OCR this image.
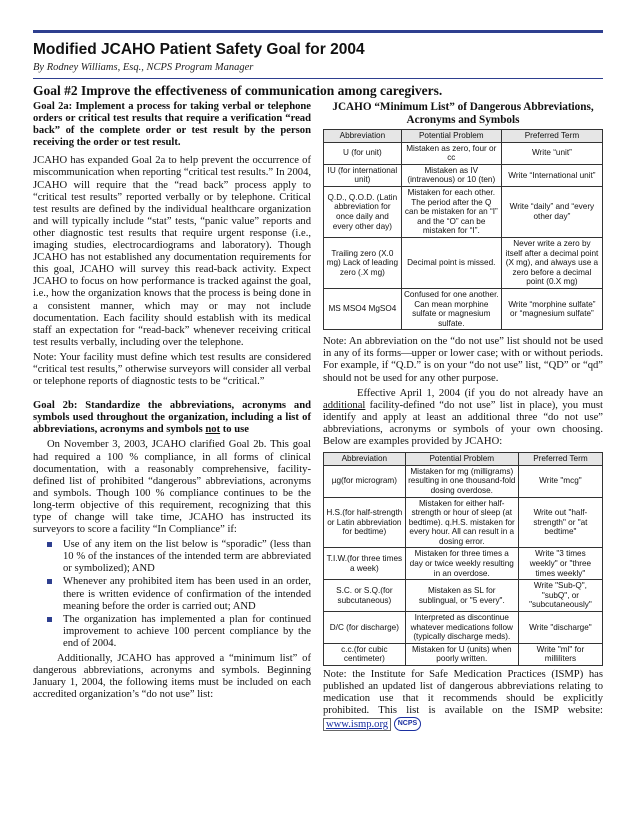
Modified JCAHO Patient Safety Goal for 2004
By Rodney Williams, Esq., NCPS Program Manager
Goal #2 Improve the effectiveness of communication among caregivers.

Goal 2a: Implement a process for taking verbal or telephone orders or critical test results that require a verification “read back” of the complete order or test result by the person receiving the order or test result.

JCAHO has expanded Goal 2a to help prevent the occurrence of miscommunication when reporting “critical test results.” In 2004, JCAHO will require that the “read back” process apply to “critical test results” reported verbally or by telephone. Critical test results are defined by the individual healthcare organization and will typically include “stat” tests, “panic value” reports and other diagnostic test results that require urgent response (i.e., imaging studies, electrocardiograms and laboratory). Though JCAHO has not established any documentation requirements for this goal, JCAHO will survey this read-back activity. Expect JCAHO to focus on how performance is tracked against the goal, i.e., how the organization knows that the process is being done in a consistent manner, which may or may not include documentation. Each facility should establish with its medical staff an expectation for “read-back” whenever receiving critical test results verbally, including over the telephone.

Note: Your facility must define which test results are considered “critical test results,” otherwise surveyors will consider all verbal or telephone reports of diagnostic tests to be “critical.”

Goal 2b: Standardize the abbreviations, acronyms and symbols used throughout the organization, including a list of abbreviations, acronyms and symbols not to use

On November 3, 2003, JCAHO clarified Goal 2b. This goal had required a 100 % compliance, in all forms of clinical documentation, with a reasonably comprehensive, facility-defined list of prohibited “dangerous” abbreviations, acronyms and symbols. Though 100 % compliance continues to be the long-term objective of this requirement, recognizing that this type of change will take time, JCAHO has instructed its surveyors to score a facility “In Compliance” if:

Use of any item on the list below is “sporadic” (less than 10 % of the instances of the intended term are abbreviated or symbolized); AND
Whenever any prohibited item has been used in an order, there is written evidence of confirmation of the intended meaning before the order is carried out; AND
The organization has implemented a plan for continued improvement to achieve 100 percent compliance by the end of 2004.

Additionally, JCAHO has approved a “minimum list” of dangerous abbreviations, acronyms and symbols. Beginning January 1, 2004, the following items must be included on each accredited organization’s “do not use” list:

JCAHO “Minimum List” of Dangerous Abbreviations, Acronyms and Symbols
Abbreviation	Potential Problem	Preferred Term
U (for unit)	Mistaken as zero, four or cc	Write “unit”
IU (for international unit)	Mistaken as IV (intravenous) or 10 (ten)	Write “International unit”
Q.D., Q.O.D. (Latin abbreviation for once daily and every other day)	Mistaken for each other. The period after the Q can be mistaken for an “I” and the “O” can be mistaken for “I”.	Write “daily” and “every other day”
Trailing zero (X.0 mg) Lack of leading zero (.X mg)	Decimal point is missed.	Never write a zero by itself after a decimal point (X mg), and always use a zero before a decimal point (0.X mg)
MS MSO4 MgSO4	Confused for one another. Can mean morphine sulfate or magnesium sulfate.	Write “morphine sulfate” or “magnesium sulfate”

Note: An abbreviation on the “do not use” list should not be used in any of its forms—upper or lower case; with or without periods. For example, if “Q.D.” is on your “do not use” list, “QD” or “qd” should not be used for any other purpose.

Effective April 1, 2004 (if you do not already have an additional facility-defined “do not use” list in place), you must identify and apply at least an additional three “do not use” abbreviations, acronyms or symbols of your own choosing. Below are examples provided by JCAHO:

Abbreviation	Potential Problem	Preferred Term
µg(for microgram)	Mistaken for mg (milligrams) resulting in one thousand-fold dosing overdose.	Write "mcg"
H.S.(for half-strength or Latin abbreviation for bedtime)	Mistaken for either half-strength or hour of sleep (at bedtime). q.H.S. mistaken for every hour. All can result in a dosing error.	Write out "half-strength" or "at bedtime"
T.I.W.(for three times a week)	Mistaken for three times a day or twice weekly resulting in an overdose.	Write "3 times weekly" or "three times weekly"
S.C. or S.Q.(for subcutaneous)	Mistaken as SL for sublingual, or "5 every".	Write "Sub-Q", "subQ", or "subcutaneously"
D/C (for discharge)	Interpreted as discontinue whatever medications follow (typically discharge meds).	Write "discharge"
c.c.(for cubic centimeter)	Mistaken for U (units) when poorly written.	Write "ml" for milliliters

Note: the Institute for Safe Medication Practices (ISMP) has published an updated list of dangerous abbreviations relating to medication use that it recommends should be explicitly prohibited. This list is available on the ISMP website: www.ismp.org NCPS
